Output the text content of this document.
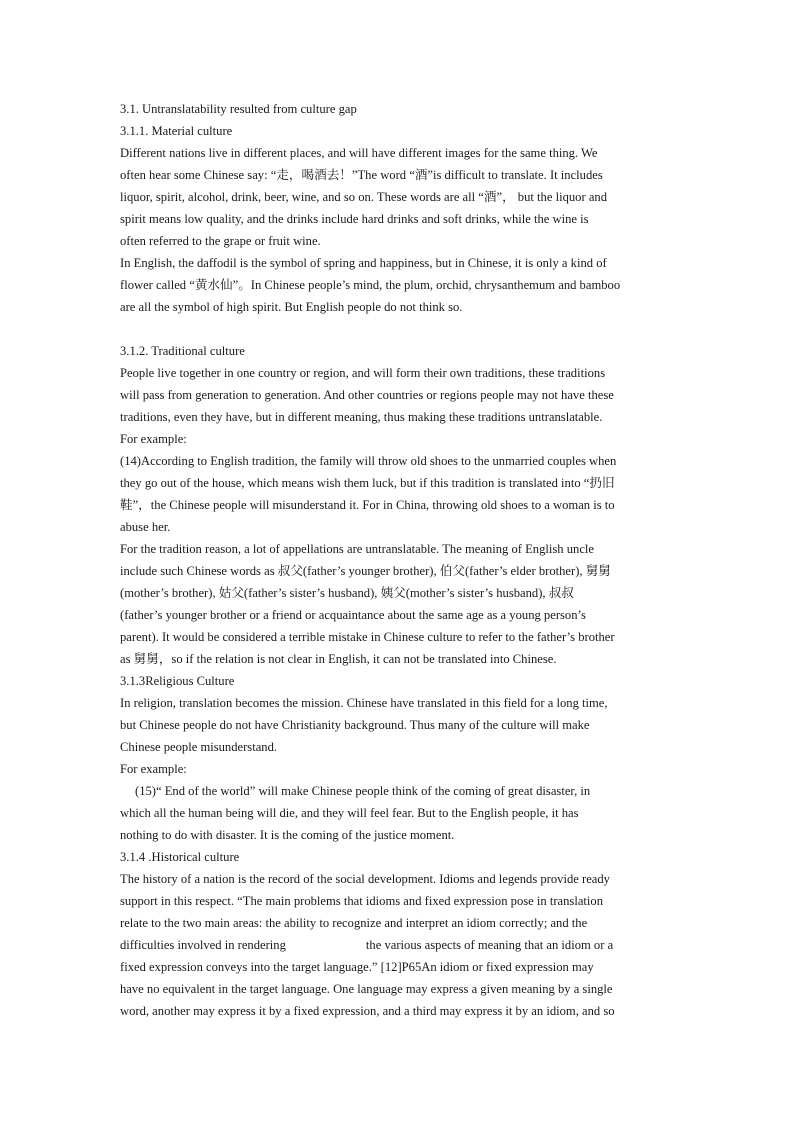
3.1. Untranslatability resulted from culture gap
3.1.1. Material culture
Different nations live in different places, and will have different images for the same thing. We
often hear some Chinese say: “走，喝酒去！”The word “酒”is difficult to translate. It includes
liquor, spirit, alcohol, drink, beer, wine, and so on. These words are all “酒”， but the liquor and
spirit means low quality, and the drinks include hard drinks and soft drinks, while the wine is
often referred to the grape or fruit wine.
In English, the daffodil is the symbol of spring and happiness, but in Chinese, it is only a kind of
flower called “黄水仙”。In Chinese people’s mind, the plum, orchid, chrysanthemum and bamboo
are all the symbol of high spirit. But English people do not think so.
3.1.2. Traditional culture
People live together in one country or region, and will form their own traditions, these traditions
will pass from generation to generation. And other countries or regions people may not have these
traditions, even they have, but in different meaning, thus making these traditions untranslatable.
For example:
(14)According to English tradition, the family will throw old shoes to the unmarried couples when
they go out of the house, which means wish them luck, but if this tradition is translated into “扔旧
鞋”，the Chinese people will misunderstand it. For in China, throwing old shoes to a woman is to
abuse her.
For the tradition reason, a lot of appellations are untranslatable. The meaning of English uncle
include such Chinese words as 叔父(father’s younger brother), 伯父(father’s elder brother), 舅舅
(mother’s brother), 姑父(father’s sister’s husband), 姨父(mother’s sister’s husband), 叔叔
(father’s younger brother or a friend or acquaintance about the same age as a young person’s
parent). It would be considered a terrible mistake in Chinese culture to refer to the father’s brother
as 舅舅，so if the relation is not clear in English, it can not be translated into Chinese.
3.1.3Religious Culture
In religion, translation becomes the mission. Chinese have translated in this field for a long time,
but Chinese people do not have Christianity background. Thus many of the culture will make
Chinese people misunderstand.
For example:
(15)“ End of the world” will make Chinese people think of the coming of great disaster, in
which all the human being will die, and they will feel fear. But to the English people, it has
nothing to do with disaster. It is the coming of the justice moment.
3.1.4 .Historical culture
The history of a nation is the record of the social development. Idioms and legends provide ready
support in this respect. “The main problems that idioms and fixed expression pose in translation
relate to the two main areas: the ability to recognize and interpret an idiom correctly; and the
difficulties involved in rendering	the various aspects of meaning that an idiom or a
fixed expression conveys into the target language.” [12]P65An idiom or fixed expression may
have no equivalent in the target language. One language may express a given meaning by a single
word, another may express it by a fixed expression, and a third may express it by an idiom, and so
